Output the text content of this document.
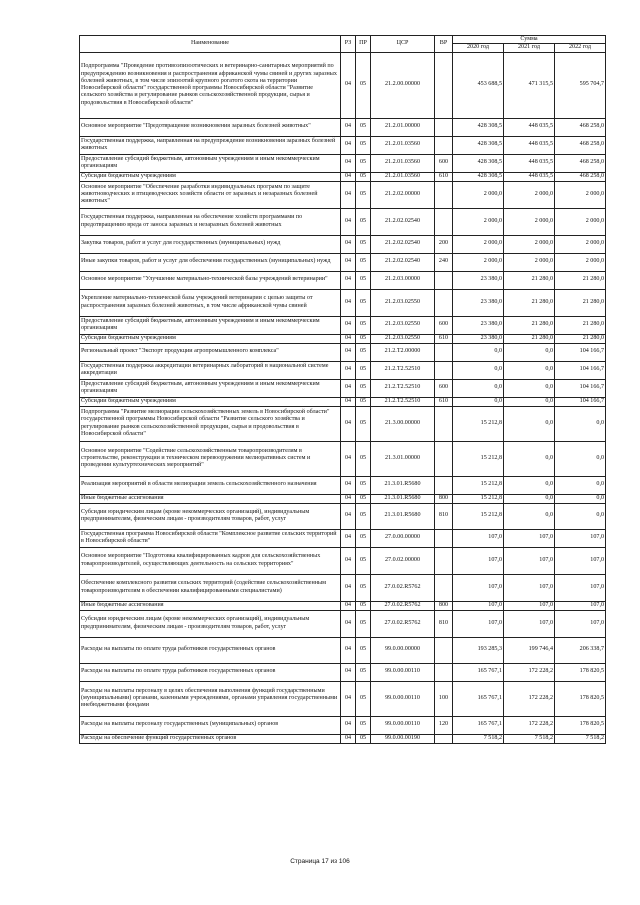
Наименование	РЗ	ПР	ЦСР	ВР	Сумма		
					2020 год	2021 год	2022 год
Подпрограмма "Проведение противоэпизоотических и ветеринарно-санитарных мероприятий по предупреждению возникновения и распространения африканской чумы свиней и других заразных болезней животных, в том числе эпизоотий крупного рогатого скота на территории Новосибирской области" государственной программы Новосибирской области "Развитие сельского хозяйства и регулирование рынков сельскохозяйственной продукции, сырья и продовольствия в Новосибирской области"	04	05	21.2.00.00000		453 688,5	471 315,5	595 704,7
Основное мероприятие "Предотвращение возникновения заразных болезней животных"	04	05	21.2.01.00000		428 308,5	448 035,5	468 258,0
Государственная поддержка, направленная на предупреждение возникновения заразных болезней животных	04	05	21.2.01.03560		428 308,5	448 035,5	468 258,0
Предоставление субсидий бюджетным, автономным учреждениям и иным некоммерческим организациям	04	05	21.2.01.03560	600	428 308,5	448 035,5	468 258,0
Субсидии бюджетным учреждениям	04	05	21.2.01.03560	610	428 308,5	448 035,5	468 258,0
Основное мероприятие "Обеспечение разработки индивидуальных программ по защите животноводческих и птицеводческих хозяйств области от заразных и незаразных болезней животных"	04	05	21.2.02.00000		2 000,0	2 000,0	2 000,0
Государственная поддержка, направленная на обеспечение хозяйств программами по предотвращению вреда от заноса заразных и незаразных болезней животных	04	05	21.2.02.02540		2 000,0	2 000,0	2 000,0
Закупка товаров, работ и услуг для государственных (муниципальных) нужд	04	05	21.2.02.02540	200	2 000,0	2 000,0	2 000,0
Иные закупки товаров, работ и услуг для обеспечения государственных (муниципальных) нужд	04	05	21.2.02.02540	240	2 000,0	2 000,0	2 000,0
Основное мероприятие "Улучшение материально-технической базы учреждений ветеринарии"	04	05	21.2.03.00000		23 380,0	21 280,0	21 280,0
Укрепление материально-технической базы учреждений ветеринарии с целью защиты от распространения заразных болезней животных, в том числе африканской чумы свиней	04	05	21.2.03.02550		23 380,0	21 280,0	21 280,0
Предоставление субсидий бюджетным, автономным учреждениям и иным некоммерческим организациям	04	05	21.2.03.02550	600	23 380,0	21 280,0	21 280,0
Субсидии бюджетным учреждениям	04	05	21.2.03.02550	610	23 380,0	21 280,0	21 280,0
Региональный проект "Экспорт продукции агропромышленного комплекса"	04	05	21.2.T2.00000		0,0	0,0	104 166,7
Государственная поддержка аккредитации ветеринарных лабораторий в национальной системе аккредитации	04	05	21.2.T2.52510		0,0	0,0	104 166,7
Предоставление субсидий бюджетным, автономным учреждениям и иным некоммерческим организациям	04	05	21.2.T2.52510	600	0,0	0,0	104 166,7
Субсидии бюджетным учреждениям	04	05	21.2.T2.52510	610	0,0	0,0	104 166,7
Подпрограмма "Развитие мелиорации сельскохозяйственных земель в Новосибирской области" государственной программы Новосибирской области "Развитие сельского хозяйства и регулирование рынков сельскохозяйственной продукции, сырья и продовольствия в Новосибирской области"	04	05	21.3.00.00000		15 212,8	0,0	0,0
Основное мероприятие "Содействие сельскохозяйственным товаропроизводителям в строительстве, реконструкции и техническом перевооружении мелиоративных систем и проведении культуртехнических мероприятий"	04	05	21.3.01.00000		15 212,8	0,0	0,0
Реализация мероприятий в области мелиорации земель сельскохозяйственного назначения	04	05	21.3.01.R5680		15 212,8	0,0	0,0
Иные бюджетные ассигнования	04	05	21.3.01.R5680	800	15 212,8	0,0	0,0
Субсидии юридическим лицам (кроме некоммерческих организаций), индивидуальным предпринимателям, физическим лицам - производителям товаров, работ, услуг	04	05	21.3.01.R5680	810	15 212,8	0,0	0,0
Государственная программа Новосибирской области "Комплексное развитие сельских территорий в Новосибирской области"	04	05	27.0.00.00000		107,0	107,0	107,0
Основное мероприятие "Подготовка квалифицированных кадров для сельскохозяйственных товаропроизводителей, осуществляющих деятельность на сельских территориях"	04	05	27.0.02.00000		107,0	107,0	107,0
Обеспечение комплексного развития сельских территорий (содействие сельскохозяйственным товаропроизводителям в обеспечении квалифицированными специалистами)	04	05	27.0.02.R5762		107,0	107,0	107,0
Иные бюджетные ассигнования	04	05	27.0.02.R5762	800	107,0	107,0	107,0
Субсидии юридическим лицам (кроме некоммерческих организаций), индивидуальным предпринимателям, физическим лицам - производителям товаров, работ, услуг	04	05	27.0.02.R5762	810	107,0	107,0	107,0
Расходы на выплаты по оплате труда работников государственных органов	04	05	99.0.00.00000		193 285,3	199 746,4	206 338,7
Расходы на выплаты по оплате труда работников государственных органов	04	05	99.0.00.00110		165 767,1	172 228,2	178 820,5
Расходы на выплаты персоналу в целях обеспечения выполнения функций государственными (муниципальными) органами, казенными учреждениями, органами управления государственными внебюджетными фондами	04	05	99.0.00.00110	100	165 767,1	172 228,2	178 820,5
Расходы на выплаты персоналу государственных (муниципальных) органов	04	05	99.0.00.00110	120	165 767,1	172 228,2	178 820,5
Расходы на обеспечение функций государственных органов	04	05	99.0.00.00190		7 518,2	7 518,2	7 518,2
Страница 17 из 106
